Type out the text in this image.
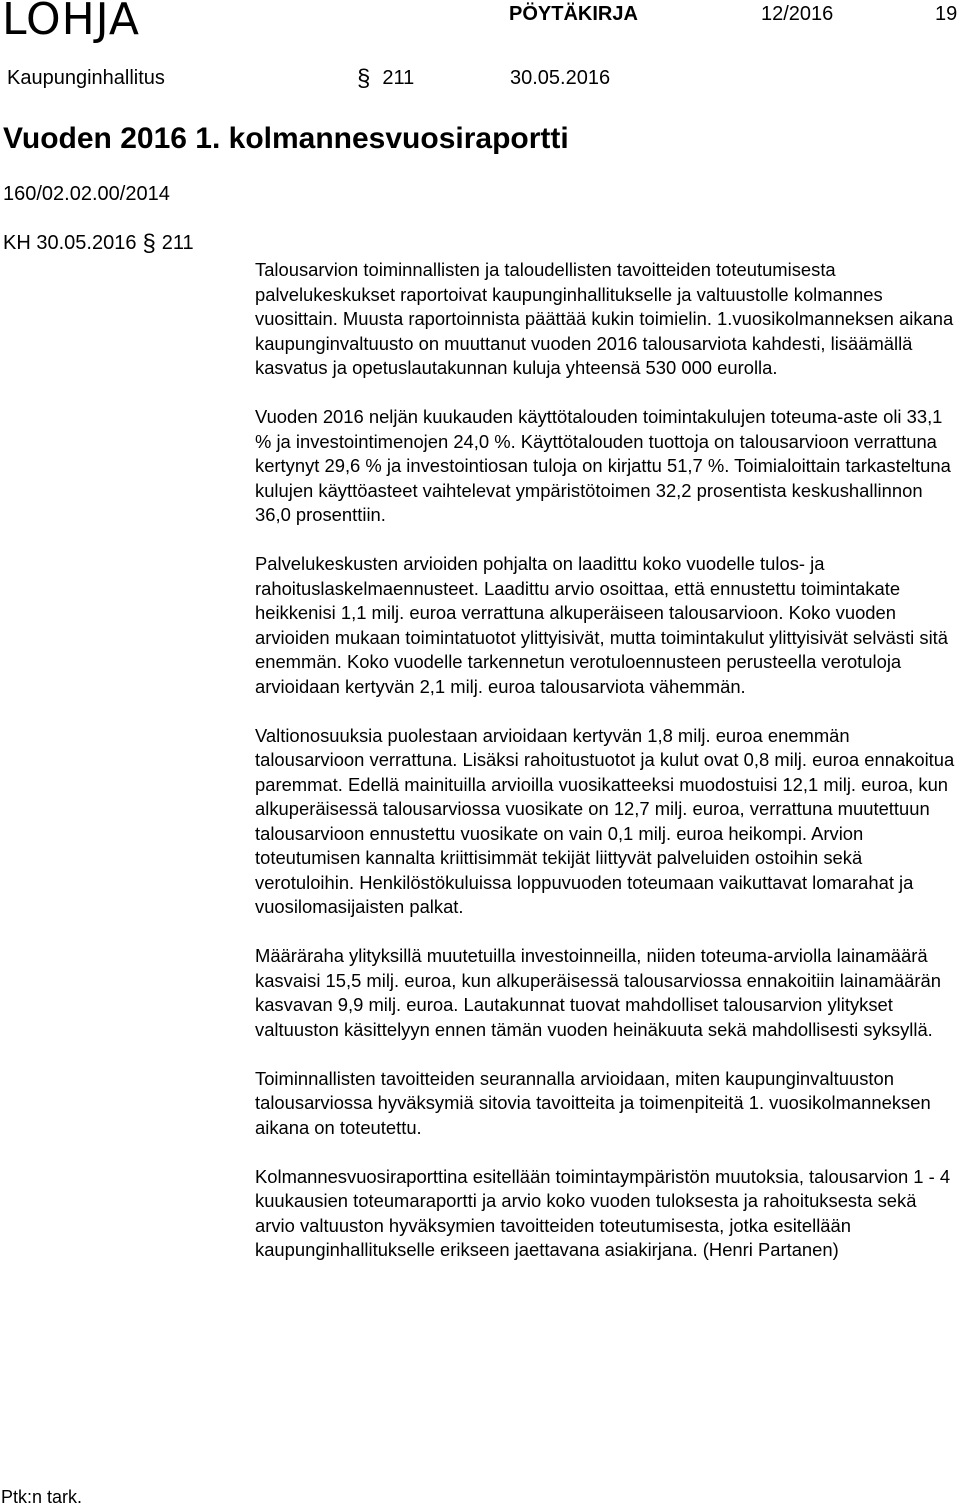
LOHJA	PÖYTÄKIRJA	12/2016	19
Kaupunginhallitus	§ 211	30.05.2016
Vuoden 2016 1. kolmannesvuosiraportti
160/02.02.00/2014
KH 30.05.2016 § 211

Talousarvion toiminnallisten ja taloudellisten tavoitteiden toteutumisesta palvelukeskukset raportoivat kaupunginhallitukselle ja valtuustolle kolmannes vuosittain. Muusta raportoinnista päättää kukin toimielin. 1.vuosikolmanneksen aikana kaupunginvaltuusto on muuttanut vuoden 2016 talousarviota kahdesti, lisäämällä kasvatus ja opetuslautakunnan kuluja yhteensä 530 000 eurolla.

Vuoden 2016 neljän kuukauden käyttötalouden toimintakulujen toteuma-aste oli 33,1 % ja investointimenojen 24,0 %. Käyttötalouden tuottoja on talousarvioon verrattuna kertynyt 29,6 % ja investointiosan tuloja on kirjattu 51,7 %. Toimialoittain tarkasteltuna kulujen käyttöasteet vaihtelevat ympäristötoimen 32,2 prosentista keskushallinnon 36,0 prosenttiin.

Palvelukeskusten arvioiden pohjalta on laadittu koko vuodelle tulos- ja rahoituslaskelmaennusteet. Laadittu arvio osoittaa, että ennustettu toimintakate heikkenisi 1,1 milj. euroa verrattuna alkuperäiseen talousarvioon. Koko vuoden arvioiden mukaan toimintatuotot ylittyisivät, mutta toimintakulut ylittyisivät selvästi sitä enemmän. Koko vuodelle tarkennetun verotuloennusteen perusteella verotuloja arvioidaan kertyvän 2,1 milj. euroa talousarviota vähemmän.

Valtionosuuksia puolestaan arvioidaan kertyvän 1,8 milj. euroa enemmän talousarvioon verrattuna. Lisäksi rahoitustuotot ja kulut ovat 0,8 milj. euroa ennakoitua paremmat. Edellä mainituilla arvioilla vuosikatteeksi muodostuisi 12,1 milj. euroa, kun alkuperäisessä talousarviossa vuosikate on 12,7 milj. euroa, verrattuna muutettuun talousarvioon ennustettu vuosikate on vain 0,1 milj. euroa heikompi. Arvion toteutumisen kannalta kriittisimmät tekijät liittyvät palveluiden ostoihin sekä verotuloihin. Henkilöstökuluissa loppuvuoden toteumaan vaikuttavat lomarahat ja vuosilomasijaisten palkat.

Määräraha ylityksillä muutetuilla investoinneilla, niiden toteuma-arviolla lainamäärä kasvaisi 15,5 milj. euroa, kun alkuperäisessä talousarviossa ennakoitiin lainamäärän kasvavan 9,9 milj. euroa. Lautakunnat tuovat mahdolliset talousarvion ylitykset valtuuston käsittelyyn ennen tämän vuoden heinäkuuta sekä mahdollisesti syksyllä.

Toiminnallisten tavoitteiden seurannalla arvioidaan, miten kaupunginvaltuuston talousarviossa hyväksymiä sitovia tavoitteita ja toimenpiteitä 1. vuosikolmanneksen aikana on toteutettu.

Kolmannesvuosiraporttina esitellään toimintaympäristön muutoksia, talousarvion 1 - 4 kuukausien toteumaraportti ja arvio koko vuoden tuloksesta ja rahoituksesta sekä arvio valtuuston hyväksymien tavoitteiden toteutumisesta, jotka esitellään kaupunginhallitukselle erikseen jaettavana asiakirjana. (Henri Partanen)

Ptk:n tark.
